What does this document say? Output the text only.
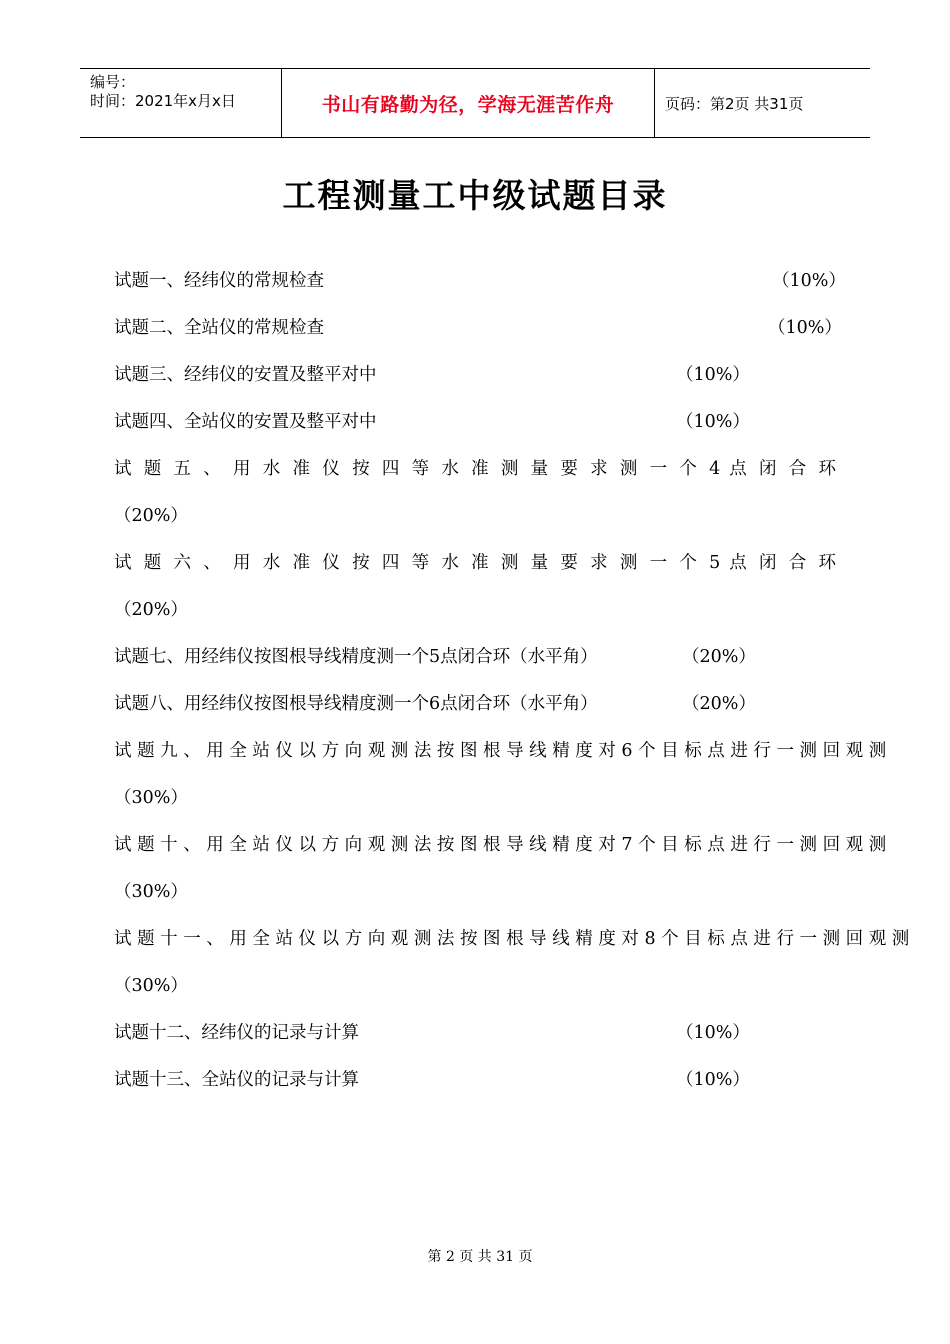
编号：
时间：2021年x月x日	书山有路勤为径，学海无涯苦作舟	页码：第2页 共31页
工程测量工中级试题目录
试题一、经纬仪的常规检查	（10%）
试题二、全站仪的常规检查	（10%）
试题三、经纬仪的安置及整平对中	（10%）
试题四、全站仪的安置及整平对中	（10%）
试 题 五 、 用 水 准 仪 按 四 等 水 准 测 量 要 求 测 一 个 4 点 闭 合 环
（20%）
试 题 六 、 用 水 准 仪 按 四 等 水 准 测 量 要 求 测 一 个 5 点 闭 合 环
（20%）
试题七、用经纬仪按图根导线精度测一个5点闭合环（水平角）	（20%）
试题八、用经纬仪按图根导线精度测一个6点闭合环（水平角）	（20%）
试 题 九 、 用 全 站 仪 以 方 向 观 测 法 按 图 根 导 线 精 度 对 6 个 目 标 点 进 行 一 测 回 观 测
（30%）
试 题 十 、 用 全 站 仪 以 方 向 观 测 法 按 图 根 导 线 精 度 对 7 个 目 标 点 进 行 一 测 回 观 测
（30%）
试 题 十 一 、 用 全 站 仪 以 方 向 观 测 法 按 图 根 导 线 精 度 对 8 个 目 标 点 进 行 一 测 回 观 测
（30%）
试题十二、经纬仪的记录与计算	（10%）
试题十三、全站仪的记录与计算	（10%）
第 2 页 共 31 页
